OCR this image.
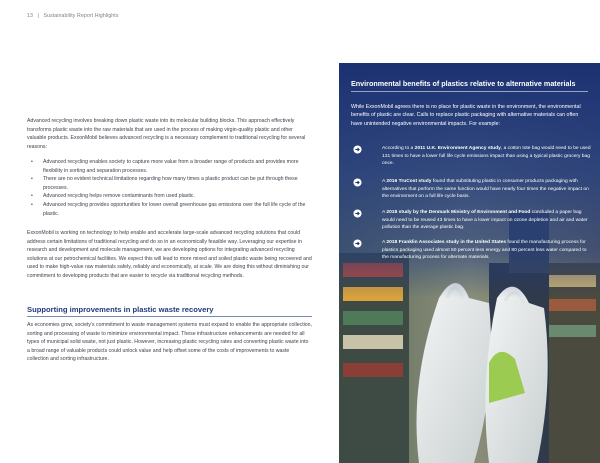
13 | Sustainability Report Highlights

Advanced recycling involves breaking down plastic waste into its molecular building blocks. This approach effectively transforms plastic waste into the raw materials that are used in the process of making virgin-quality plastic and other valuable products. ExxonMobil believes advanced recycling is a necessary complement to traditional recycling for several reasons:

• Advanced recycling enables society to capture more value from a broader range of products and provides more flexibility in sorting and separation processes.
• There are no evident technical limitations regarding how many times a plastic product can be put through these processes.
• Advanced recycling helps remove contaminants from used plastic.
• Advanced recycling provides opportunities for lower overall greenhouse gas emissions over the full life cycle of the plastic.

ExxonMobil is working on technology to help enable and accelerate large-scale advanced recycling solutions that could address certain limitations of traditional recycling and do so in an economically feasible way. Leveraging our expertise in research and development and molecule management, we are developing options for integrating advanced recycling solutions at our petrochemical facilities. We expect this will lead to more mixed and soiled plastic waste being recovered and used to make high-value raw materials safely, reliably and economically, at scale. We are doing this without diminishing our commitment to developing products that are easier to recycle via traditional recycling methods.

Supporting improvements in plastic waste recovery

As economies grow, society's commitment to waste management systems must expand to enable the appropriate collection, sorting and processing of waste to minimize environmental impact. These infrastructure enhancements are needed for all types of municipal solid waste, not just plastic. However, increasing plastic recycling rates and converting plastic waste into a broad range of valuable products could unlock value and help offset some of the costs of improvements to waste collection and sorting infrastructure.

Environmental benefits of plastics relative to alternative materials

While ExxonMobil agrees there is no place for plastic waste in the environment, the environmental benefits of plastic are clear. Calls to replace plastic packaging with alternative materials can often have unintended negative environmental impacts. For example:

According to a 2011 U.K. Environment Agency study, a cotton tote bag would need to be used 131 times to have a lower full life cycle emissions impact than using a typical plastic grocery bag once.

A 2016 TruCost study found that substituting plastic in consumer products packaging with alternatives that perform the same function would have nearly four times the negative impact on the environment on a full life cycle basis.

A 2018 study by the Denmark Ministry of Environment and Food concluded a paper bag would need to be reused 43 times to have a lower impact on ozone depletion and air and water pollution than the average plastic bag.

A 2018 Franklin Associates study in the United States found the manufacturing process for plastics packaging used almost 50 percent less energy and 80 percent less water compared to the manufacturing process for alternate materials.
